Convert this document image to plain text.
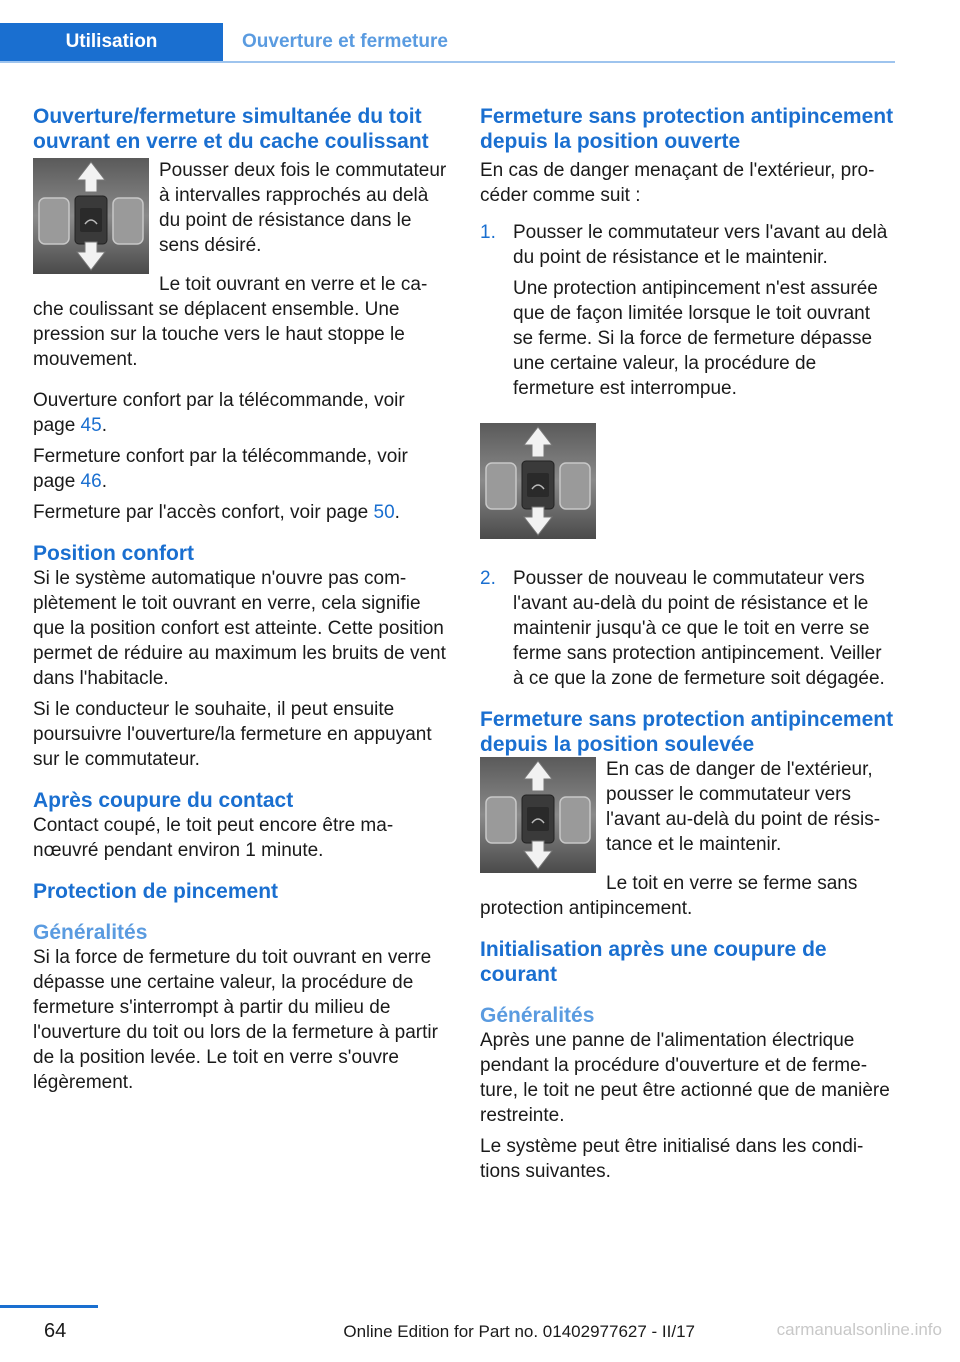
Utilisation	Ouverture et fermeture
Ouverture/fermeture simultanée du toit ouvrant en verre et du cache coulissant

Pousser deux fois le commutateur à intervalles rapprochés au delà du point de résistance dans le sens désiré.

Le toit ouvrant en verre et le cache coulissant se déplacent ensemble. Une pression sur la touche vers le haut stoppe le mouvement.

Ouverture confort par la télécommande, voir page 45.

Fermeture confort par la télécommande, voir page 46.

Fermeture par l'accès confort, voir page 50.

Position confort

Si le système automatique n'ouvre pas complètement le toit ouvrant en verre, cela signifie que la position confort est atteinte. Cette position permet de réduire au maximum les bruits de vent dans l'habitacle.

Si le conducteur le souhaite, il peut ensuite poursuivre l'ouverture/la fermeture en appuyant sur le commutateur.

Après coupure du contact

Contact coupé, le toit peut encore être manœuvré pendant environ 1 minute.

Protection de pincement
Généralités

Si la force de fermeture du toit ouvrant en verre dépasse une certaine valeur, la procédure de fermeture s'interrompt à partir du milieu de l'ouverture du toit ou lors de la fermeture à partir de la position levée. Le toit en verre s'ouvre légèrement.

Fermeture sans protection antipincement depuis la position ouverte

En cas de danger menaçant de l'extérieur, procéder comme suit :

1. Pousser le commutateur vers l'avant au delà du point de résistance et le maintenir.

Une protection antipincement n'est assurée que de façon limitée lorsque le toit ouvrant se ferme. Si la force de fermeture dépasse une certaine valeur, la procédure de fermeture est interrompue.

2. Pousser de nouveau le commutateur vers l'avant au-delà du point de résistance et le maintenir jusqu'à ce que le toit en verre se ferme sans protection antipincement. Veiller à ce que la zone de fermeture soit dégagée.

Fermeture sans protection antipincement depuis la position soulevée

En cas de danger de l'extérieur, pousser le commutateur vers l'avant au-delà du point de résistance et le maintenir.

Le toit en verre se ferme sans protection antipincement.

Initialisation après une coupure de courant
Généralités

Après une panne de l'alimentation électrique pendant la procédure d'ouverture et de fermeture, le toit ne peut être actionné que de manière restreinte.

Le système peut être initialisé dans les conditions suivantes.

64	Online Edition for Part no. 01402977627 - II/17	carmanualsonline.info
